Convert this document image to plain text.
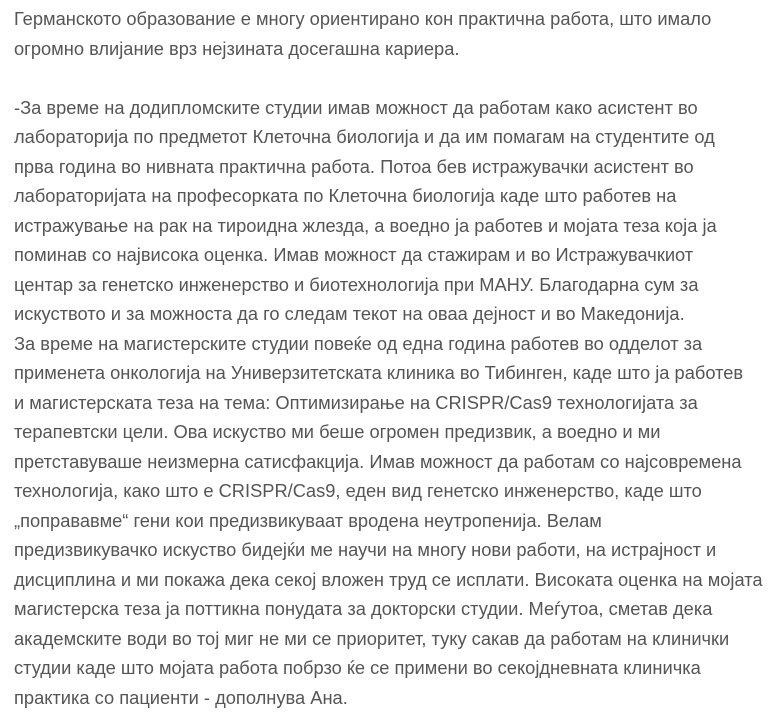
Германското образование е многу ориентирано кон практична работа, што имало
огромно влијание врз нејзината досегашна кариера.

-За време на додипломските студии имав можност да работам како асистент во
лабораторија по предметот Клеточна биологија и да им помагам на студентите од
прва година во нивната практична работа. Потоа бев истражувачки асистент во
лабораторијата на професорката по Клеточна биологија каде што работев на
истражување на рак на тироидна жлезда, а воедно ја работев и мојата теза која ја
поминав со највисока оценка. Имав можност да стажирам и во Истражувачкиот
центар за генетско инженерство и биотехнологија при МАНУ. Благодарна сум за
искуството и за можноста да го следам текот на оваа дејност и во Македонија.

За време на магистерските студии повеќе од една година работев во одделот за
применета онкологија на Универзитетската клиника во Тибинген, каде што ја работев
и магистерската теза на тема: Оптимизирање на CRISPR/Cas9 технологијата за
терапевтски цели. Ова искуство ми беше огромен предизвик, а воедно и ми
претставуваше неизмерна сатисфакција. Имав можност да работам со најсовремена
технологија, како што е CRISPR/Cas9, еден вид генетско инженерство, каде што
„поправавме“ гени кои предизвикуваат вродена неутропенија. Велам
предизвикувачко искуство бидејќи ме научи на многу нови работи, на истрајност и
дисциплина и ми покажа дека секој вложен труд се исплати. Високата оценка на мојата
магистерска теза ја поттикна понудата за докторски студии. Меѓутоа, сметав дека
академските води во тој миг не ми се приоритет, туку сакав да работам на клинички
студии каде што мојата работа побрзо ќе се примени во секојдневната клиничка
практика со пациенти - дополнува Ана.
